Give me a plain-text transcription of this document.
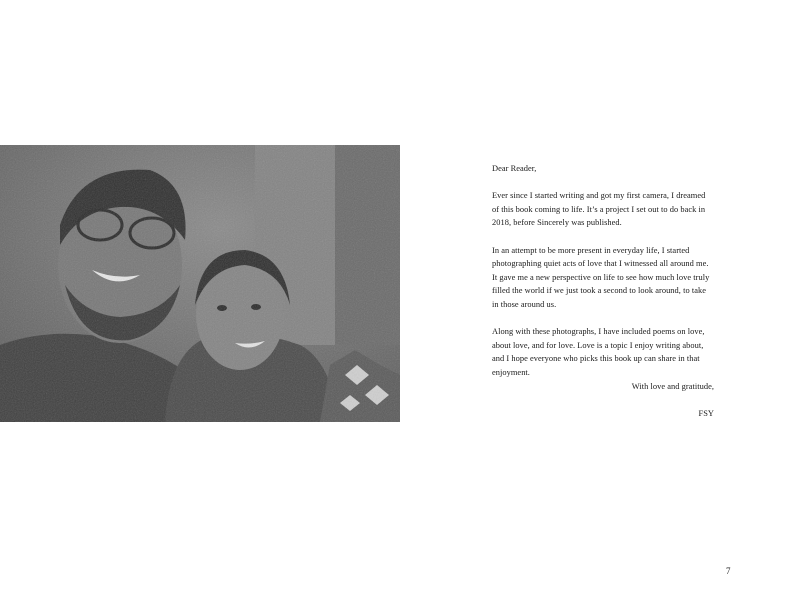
Dear Reader,

Ever since I started writing and got my first camera, I dreamed of this book coming to life. It’s a project I set out to do back in 2018, before Sincerely was published.

In an attempt to be more present in everyday life, I started photographing quiet acts of love that I witnessed all around me. It gave me a new perspective on life to see how much love truly filled the world if we just took a second to look around, to take in those around us.

Along with these photographs, I have included poems on love, about love, and for love. Love is a topic I enjoy writing about, and I hope everyone who picks this book up can share in that enjoyment.

With love and gratitude,

FSY

7
